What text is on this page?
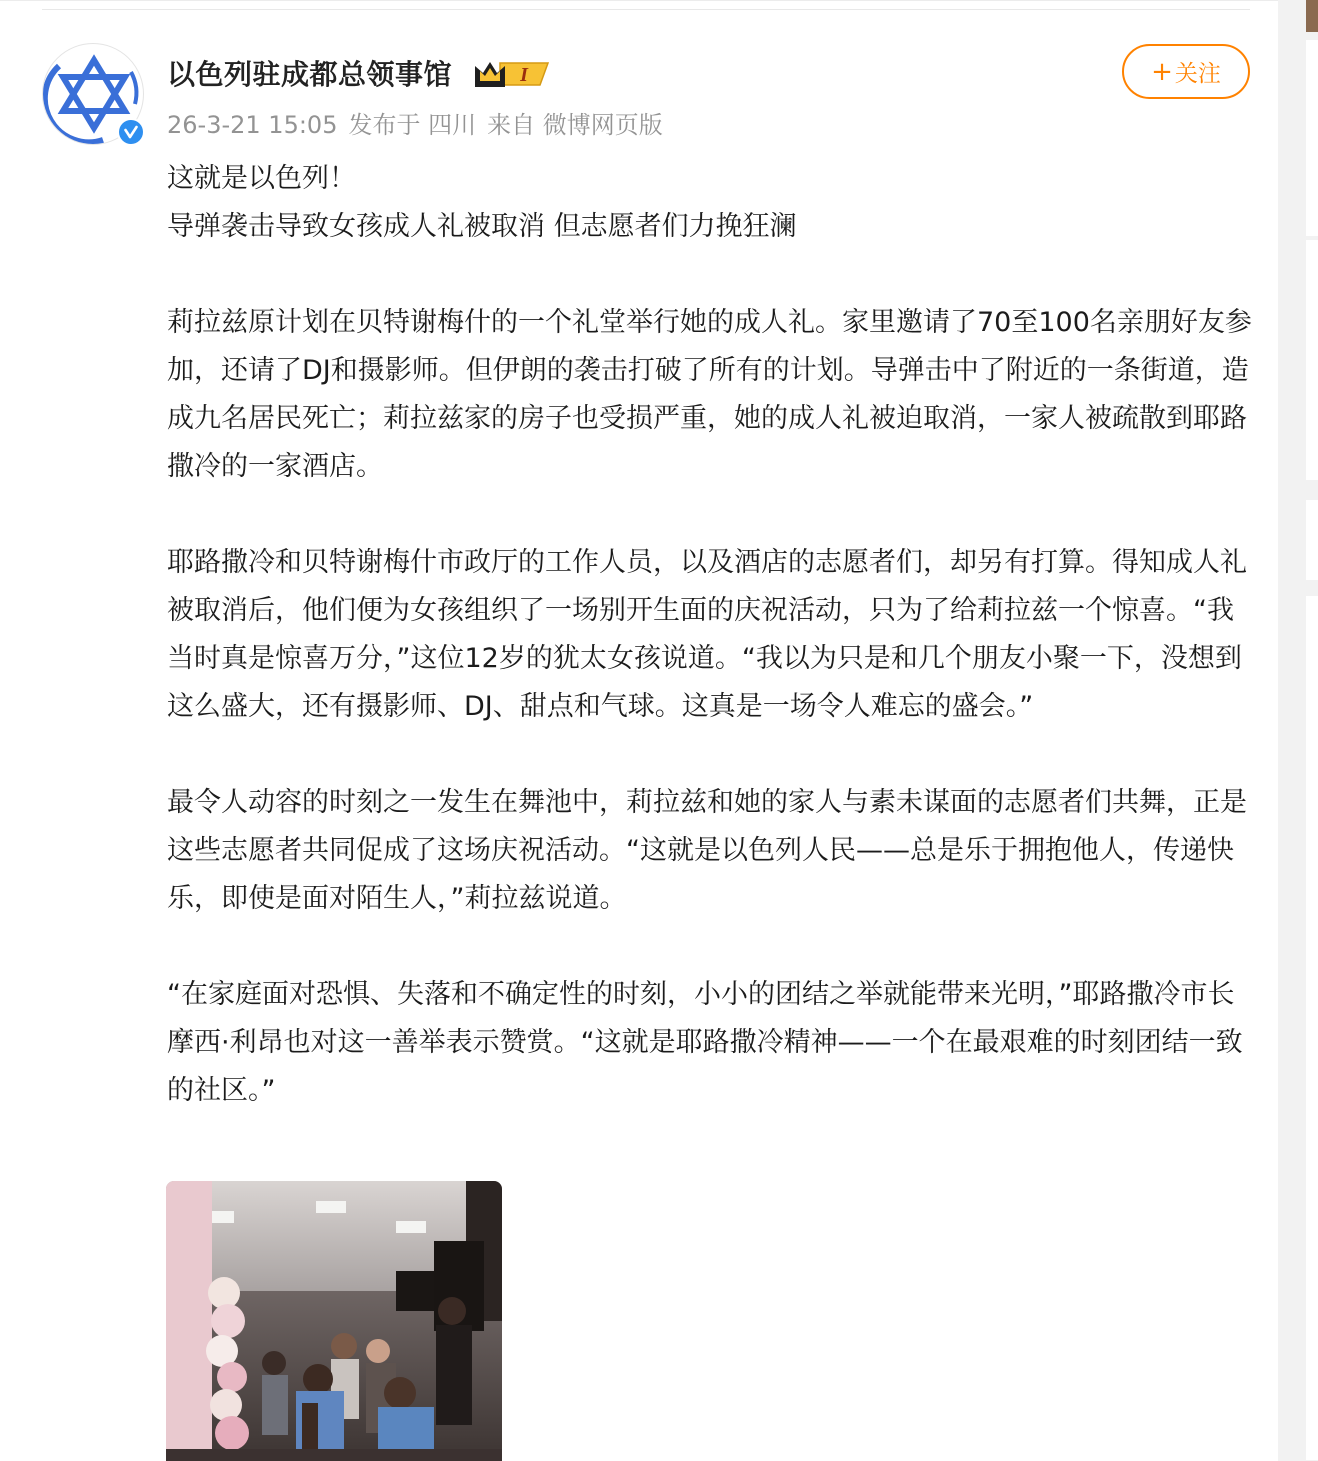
以色列驻成都总领事馆	I
26-3-21 15:05 发布于 四川 来自 微博网页版
+ 关注

这就是以色列！

导弹袭击导致女孩成人礼被取消 但志愿者们力挽狂澜

莉拉兹原计划在贝特谢梅什的一个礼堂举行她的成人礼。家里邀请了70至100名亲朋好友参加，还请了DJ和摄影师。但伊朗的袭击打破了所有的计划。导弹击中了附近的一条街道，造成九名居民死亡；莉拉兹家的房子也受损严重，她的成人礼被迫取消，一家人被疏散到耶路撒冷的一家酒店。

耶路撒冷和贝特谢梅什市政厅的工作人员，以及酒店的志愿者们，却另有打算。得知成人礼被取消后，他们便为女孩组织了一场别开生面的庆祝活动，只为了给莉拉兹一个惊喜。“我当时真是惊喜万分，”这位12岁的犹太女孩说道。“我以为只是和几个朋友小聚一下，没想到这么盛大，还有摄影师、DJ、甜点和气球。这真是一场令人难忘的盛会。”

最令人动容的时刻之一发生在舞池中，莉拉兹和她的家人与素未谋面的志愿者们共舞，正是这些志愿者共同促成了这场庆祝活动。“这就是以色列人民——总是乐于拥抱他人，传递快乐，即使是面对陌生人，”莉拉兹说道。

“在家庭面对恐惧、失落和不确定性的时刻，小小的团结之举就能带来光明，”耶路撒冷市长摩西·利昂也对这一善举表示赞赏。“这就是耶路撒冷精神——一个在最艰难的时刻团结一致的社区。”
